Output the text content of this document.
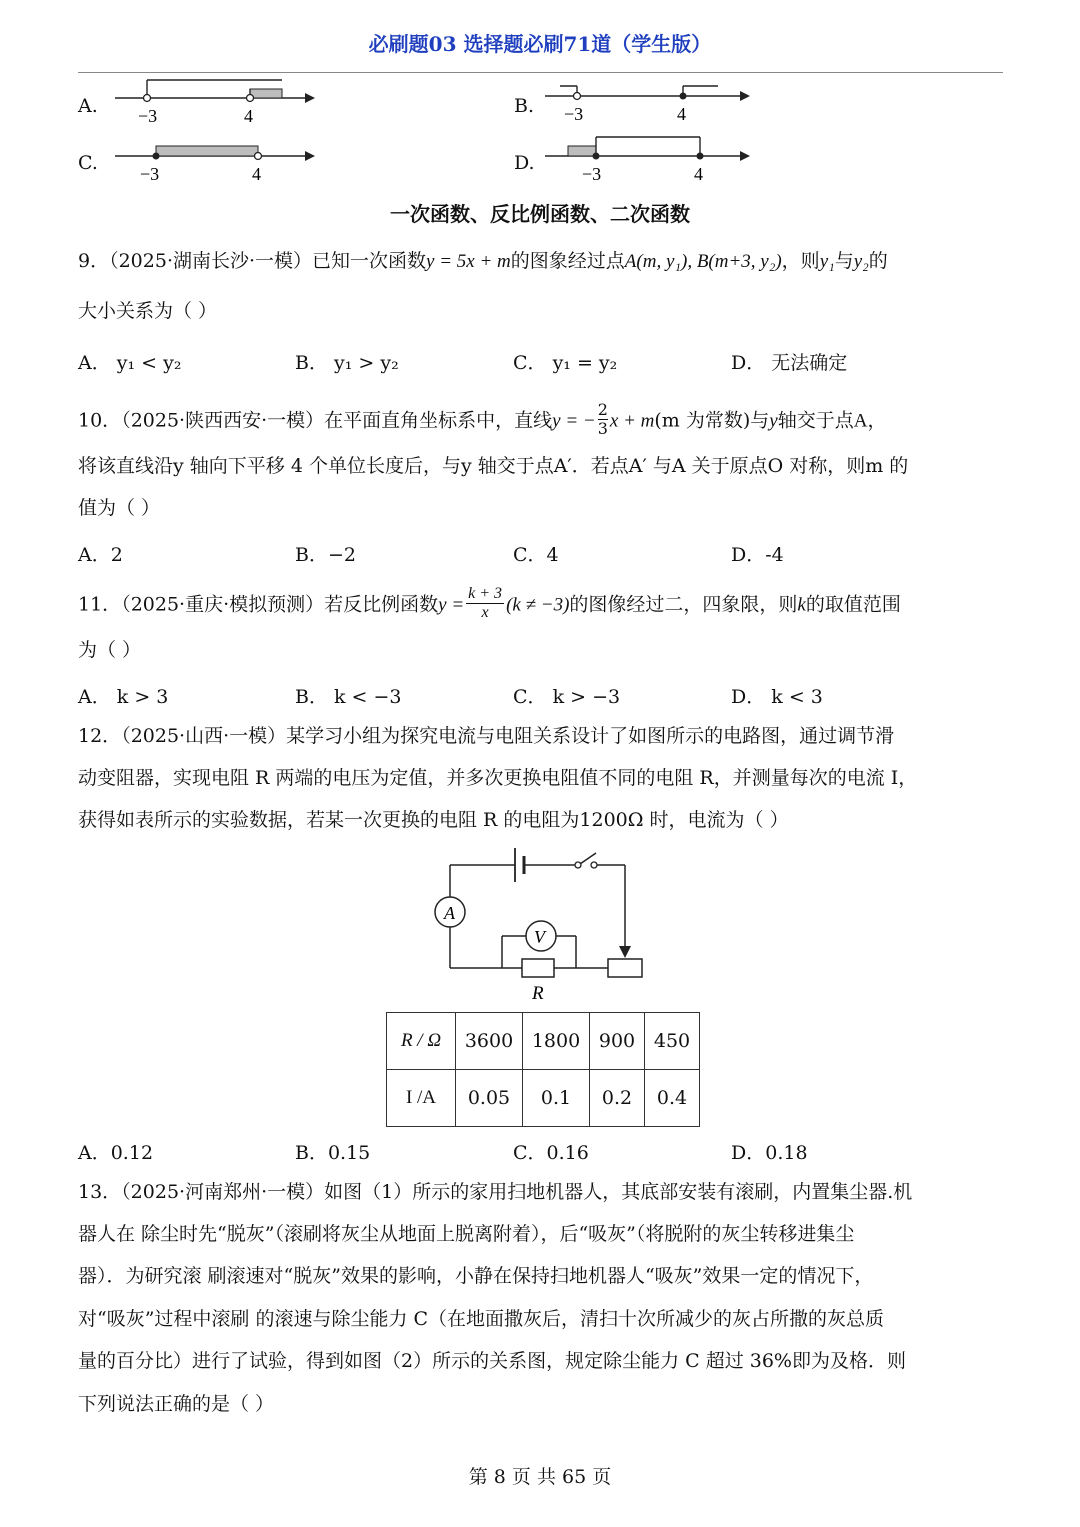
必刷题03 选择题必刷71道（学生版）
A. −3	4	B. −3	4
C. −3	4	D.	−3	4
一次函数、反比例函数、二次函数
9．（2025·湖南长沙·一模）已知一次函数y = 5x + m的图象经过点A(m, y₁), B(m+3, y₂)，则y₁与y₂的
大小关系为（ ）
A． y₁ < y₂	B． y₁ > y₂	C． y₁ = y₂	D． 无法确定
10．（2025·陕西西安·一模）在平面直角坐标系中，直线y = − $\frac{2}{3}$ x + m(m 为常数)与y轴交于点A，
将该直线沿y 轴向下平移 4 个单位长度后，与y 轴交于点A′．若点A′ 与A 关于原点O 对称，则m 的
值为（ ）
A．2	B．−2	C．4	D．-4
11．（2025·重庆·模拟预测）若反比例函数$y = \frac{k + 3}{x} (k \ne -3)$的图像经过二，四象限，则k的取值范围
为（ ）
A． k > 3	B． k < −3	C． k > −3	D． k < 3
12．（2025·山西·一模）某学习小组为探究电流与电阻关系设计了如图所示的电路图，通过调节滑
动变阻器，实现电阻 R 两端的电压为定值，并多次更换电阻值不同的电阻 R，并测量每次的电流 I，
获得如表所示的实验数据，若某一次更换的电阻 R 的电阻为1200Ω 时，电流为（ ）
A
V
R
R / Ω	3600	1800	900	450
I /A	0.05	0.1	0.2	0.4
A．0.12	B．0.15	C．0.16	D．0.18
13．（2025·河南郑州·一模）如图（1）所示的家用扫地机器人，其底部安装有滚刷，内置集尘器.机
器人在 除尘时先“脱灰”（滚刷将灰尘从地面上脱离附着），后“吸灰”（将脱附的灰尘转移进集尘
器）．为研究滚 刷滚速对“脱灰”效果的影响，小静在保持扫地机器人“吸灰”效果一定的情况下，
对“吸灰”过程中滚刷 的滚速与除尘能力 C（在地面撒灰后，清扫十次所减少的灰占所撒的灰总质
量的百分比）进行了试验，得到如图（2）所示的关系图，规定除尘能力 C 超过 36%即为及格．则
下列说法正确的是（ ）
第 8 页 共 65 页
